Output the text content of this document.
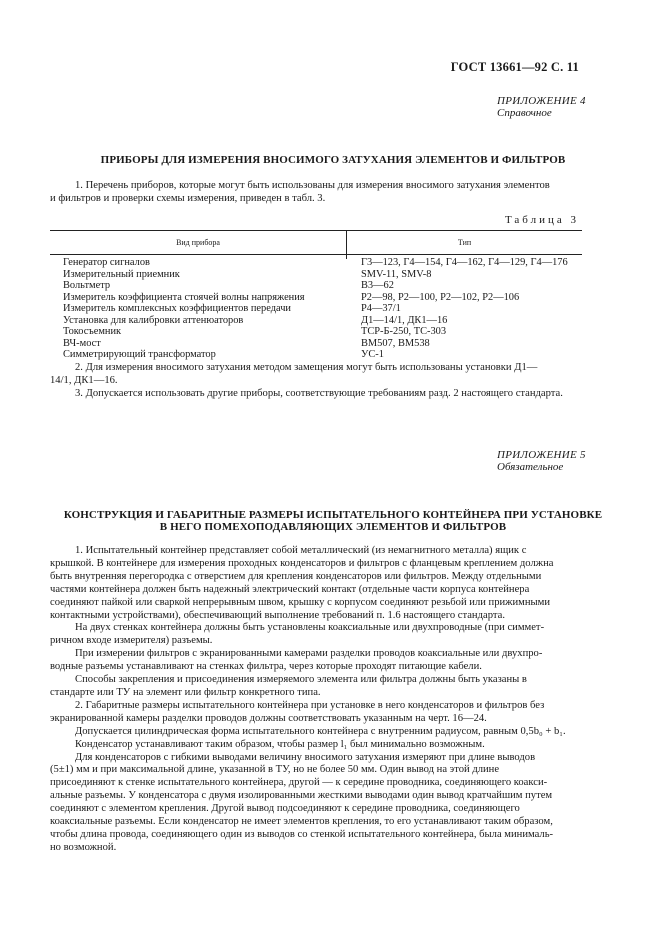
ГОСТ 13661—92 С. 11
ПРИЛОЖЕНИЕ 4
Справочное
ПРИБОРЫ ДЛЯ ИЗМЕРЕНИЯ ВНОСИМОГО ЗАТУХАНИЯ ЭЛЕМЕНТОВ И ФИЛЬТРОВ
1. Перечень приборов, которые могут быть использованы для измерения вносимого затухания элементов
и фильтров и проверки схемы измерения, приведен в табл. 3.
Таблица 3
Вид прибора	Тип
Генератор сигналов	Г3—123, Г4—154, Г4—162, Г4—129, Г4—176
Измерительный приемник	SMV-11, SMV-8
Вольтметр	В3—62
Измеритель коэффициента стоячей волны напряжения	Р2—98, Р2—100, Р2—102, Р2—106
Измеритель комплексных коэффициентов передачи	Р4—37/1
Установка для калибровки аттенюаторов	Д1—14/1, ДК1—16
Токосъемник	ТСР-Б-250, ТС-303
ВЧ-мост	ВМ507, ВМ538
Симметрирующий трансформатор	УС-1
2. Для измерения вносимого затухания методом замещения могут быть использованы установки Д1—
14/1, ДК1—16.
3. Допускается использовать другие приборы, соответствующие требованиям разд. 2 настоящего стандарта.
ПРИЛОЖЕНИЕ 5
Обязательное
КОНСТРУКЦИЯ И ГАБАРИТНЫЕ РАЗМЕРЫ ИСПЫТАТЕЛЬНОГО КОНТЕЙНЕРА ПРИ УСТАНОВКЕ
В НЕГО ПОМЕХОПОДАВЛЯЮЩИХ ЭЛЕМЕНТОВ И ФИЛЬТРОВ
1. Испытательный контейнер представляет собой металлический (из немагнитного металла) ящик с
крышкой. В контейнере для измерения проходных конденсаторов и фильтров с фланцевым креплением должна
быть внутренняя перегородка с отверстием для крепления конденсаторов или фильтров. Между отдельными
частями контейнера должен быть надежный электрический контакт (отдельные части корпуса контейнера
соединяют пайкой или сваркой непрерывным швом, крышку с корпусом соединяют резьбой или прижимными
контактными устройствами), обеспечивающий выполнение требований п. 1.6 настоящего стандарта.
На двух стенках контейнера должны быть установлены коаксиальные или двухпроводные (при симмет-
ричном входе измерителя) разъемы.
При измерении фильтров с экранированными камерами разделки проводов коаксиальные или двухпро-
водные разъемы устанавливают на стенках фильтра, через которые проходят питающие кабели.
Способы закрепления и присоединения измеряемого элемента или фильтра должны быть указаны в
стандарте или ТУ на элемент или фильтр конкретного типа.
2. Габаритные размеры испытательного контейнера при установке в него конденсаторов и фильтров без
экранированной камеры разделки проводов должны соответствовать указанным на черт. 16—24.
Допускается цилиндрическая форма испытательного контейнера с внутренним радиусом, равным 0,5b₀ + b₁.
Конденсатор устанавливают таким образом, чтобы размер l₁ был минимально возможным.
Для конденсаторов с гибкими выводами величину вносимого затухания измеряют при длине выводов
(5±1) мм и при максимальной длине, указанной в ТУ, но не более 50 мм. Один вывод на этой длине
присоединяют к стенке испытательного контейнера, другой — к середине проводника, соединяющего коакси-
альные разъемы. У конденсатора с двумя изолированными жесткими выводами один вывод кратчайшим путем
соединяют с элементом крепления. Другой вывод подсоединяют к середине проводника, соединяющего
коаксиальные разъемы. Если конденсатор не имеет элементов крепления, то его устанавливают таким образом,
чтобы длина провода, соединяющего один из выводов со стенкой испытательного контейнера, была минималь-
но возможной.
